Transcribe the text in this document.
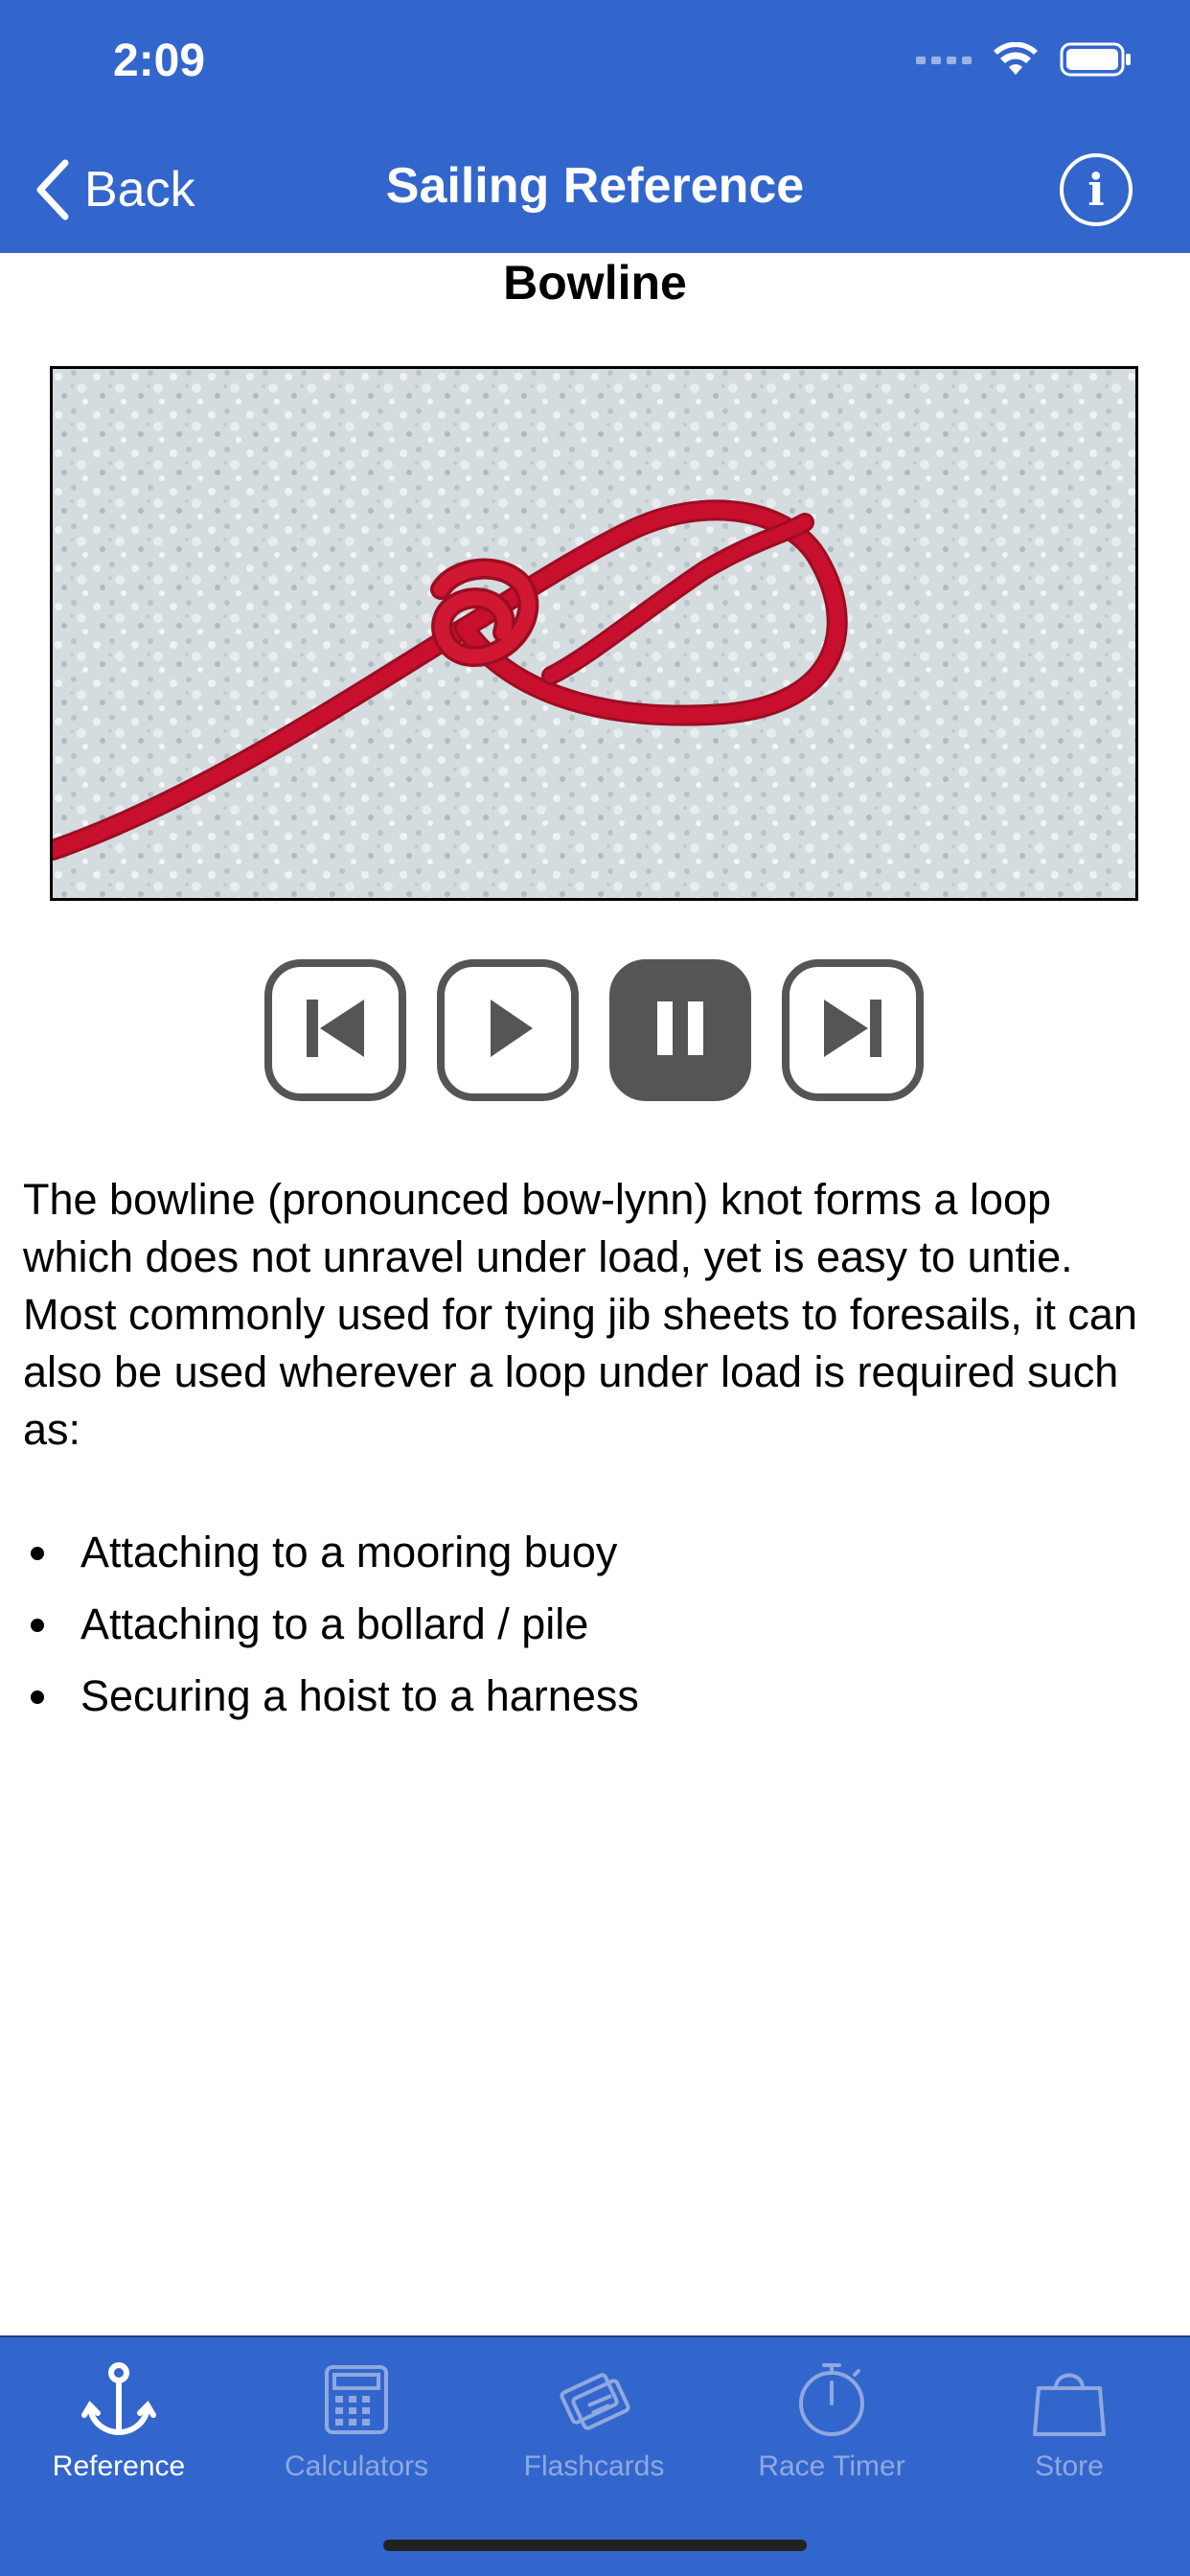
2:09
Back	Sailing Reference	i
Bowline
The bowline (pronounced bow-lynn) knot forms a loop which does not unravel under load, yet is easy to untie. Most commonly used for tying jib sheets to foresails, it can also be used wherever a loop under load is required such as:
Attaching to a mooring buoy
Attaching to a bollard / pile
Securing a hoist to a harness
Reference	Calculators	Flashcards	Race Timer	Store
